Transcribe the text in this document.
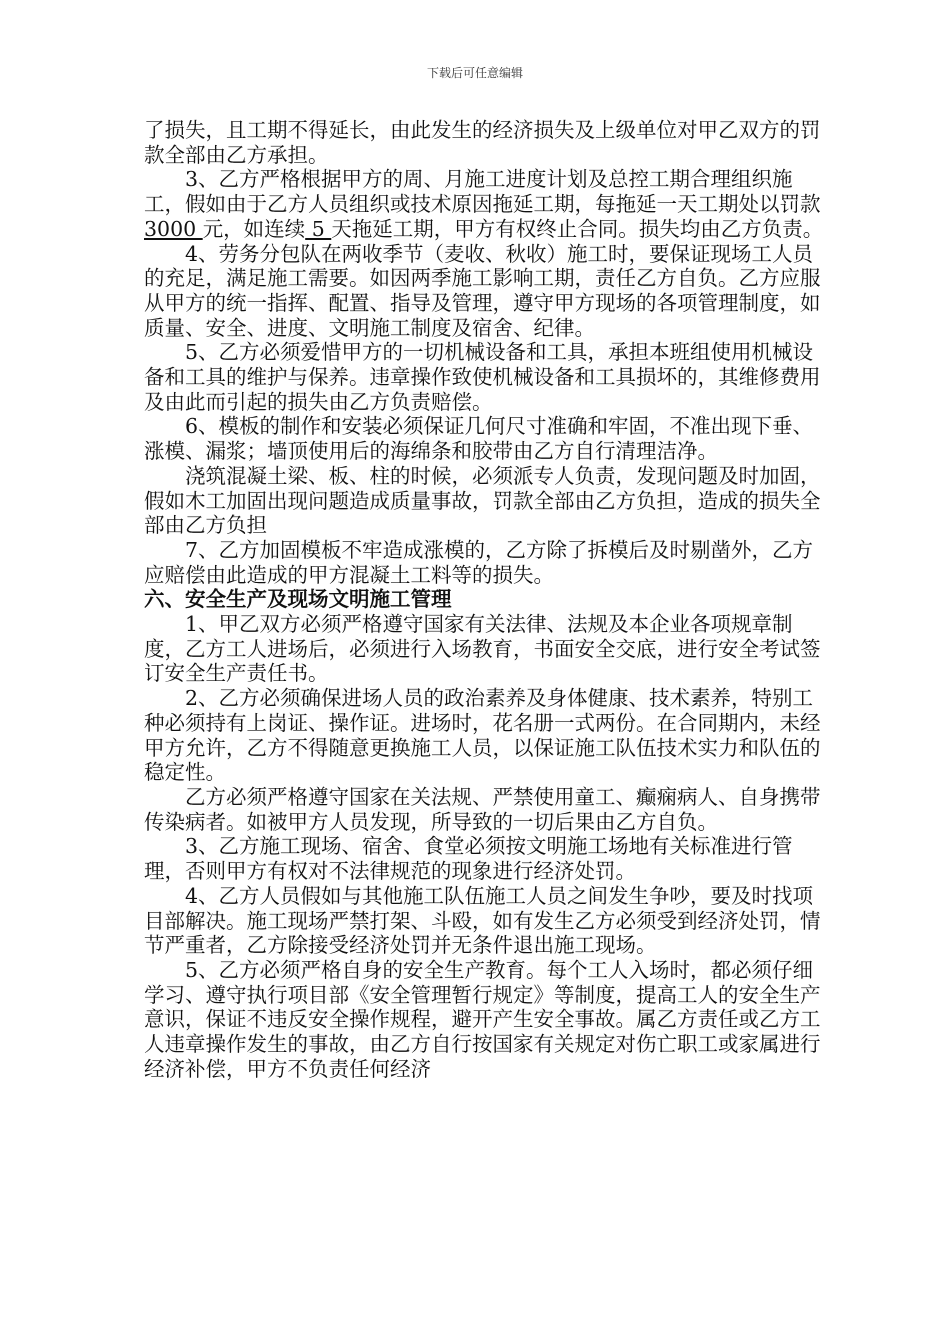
下载后可任意编辑

了损失，且工期不得延长，由此发生的经济损失及上级单位对甲乙双方的罚款全部由乙方承担。

3、乙方严格根据甲方的周、月施工进度计划及总控工期合理组织施工，假如由于乙方人员组织或技术原因拖延工期，每拖延一天工期处以罚款 3000 元，如连续 5 天拖延工期，甲方有权终止合同。损失均由乙方负责。

4、劳务分包队在两收季节（麦收、秋收）施工时，要保证现场工人员的充足，满足施工需要。如因两季施工影响工期，责任乙方自负。乙方应服从甲方的统一指挥、配置、指导及管理，遵守甲方现场的各项管理制度，如质量、安全、进度、文明施工制度及宿舍、纪律。

5、乙方必须爱惜甲方的一切机械设备和工具，承担本班组使用机械设备和工具的维护与保养。违章操作致使机械设备和工具损坏的，其维修费用及由此而引起的损失由乙方负责赔偿。

6、模板的制作和安装必须保证几何尺寸准确和牢固，不准出现下垂、涨模、漏浆；墙顶使用后的海绵条和胶带由乙方自行清理洁净。

浇筑混凝土梁、板、柱的时候，必须派专人负责，发现问题及时加固，假如木工加固出现问题造成质量事故，罚款全部由乙方负担，造成的损失全部由乙方负担

7、乙方加固模板不牢造成涨模的，乙方除了拆模后及时剔凿外，乙方应赔偿由此造成的甲方混凝土工料等的损失。

六、安全生产及现场文明施工管理

1、甲乙双方必须严格遵守国家有关法律、法规及本企业各项规章制度，乙方工人进场后，必须进行入场教育，书面安全交底，进行安全考试签订安全生产责任书。

2、乙方必须确保进场人员的政治素养及身体健康、技术素养，特别工种必须持有上岗证、操作证。进场时，花名册一式两份。在合同期内，未经甲方允许，乙方不得随意更换施工人员，以保证施工队伍技术实力和队伍的稳定性。

乙方必须严格遵守国家在关法规、严禁使用童工、癫痫病人、自身携带传染病者。如被甲方人员发现，所导致的一切后果由乙方自负。

3、乙方施工现场、宿舍、食堂必须按文明施工场地有关标准进行管理，否则甲方有权对不法律规范的现象进行经济处罚。

4、乙方人员假如与其他施工队伍施工人员之间发生争吵，要及时找项目部解决。施工现场严禁打架、斗殴，如有发生乙方必须受到经济处罚，情节严重者，乙方除接受经济处罚并无条件退出施工现场。

5、乙方必须严格自身的安全生产教育。每个工人入场时，都必须仔细学习、遵守执行项目部《安全管理暂行规定》等制度，提高工人的安全生产意识，保证不违反安全操作规程，避开产生安全事故。属乙方责任或乙方工人违章操作发生的事故，由乙方自行按国家有关规定对伤亡职工或家属进行经济补偿，甲方不负责任何经济
